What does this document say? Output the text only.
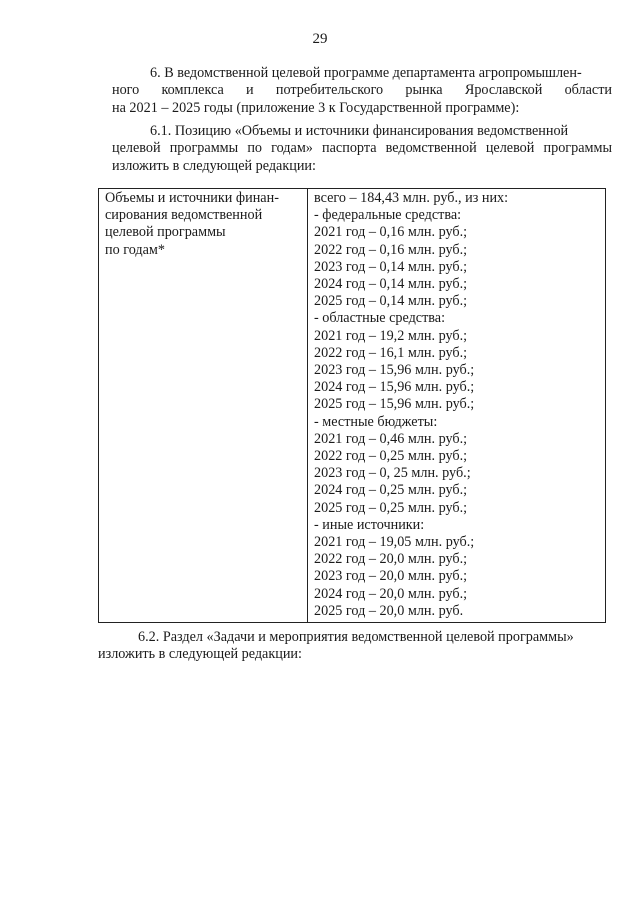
29
6. В ведомственной целевой программе департамента агропромышлен-
ного комплекса и потребительского рынка Ярославской области
на 2021 – 2025 годы (приложение 3 к Государственной программе):
6.1. Позицию «Объемы и источники финансирования ведомственной
целевой программы по годам» паспорта ведомственной целевой программы
изложить в следующей редакции:
Объемы и источники финан-
сирования ведомственной
целевой программы
по годам*

всего – 184,43 млн. руб., из них:
- федеральные средства:
2021 год – 0,16 млн. руб.;
2022 год – 0,16 млн. руб.;
2023 год – 0,14 млн. руб.;
2024 год – 0,14 млн. руб.;
2025 год – 0,14 млн. руб.;
- областные средства:
2021 год – 19,2 млн. руб.;
2022 год – 16,1 млн. руб.;
2023 год – 15,96 млн. руб.;
2024 год – 15,96 млн. руб.;
2025 год – 15,96 млн. руб.;
- местные бюджеты:
2021 год – 0,46 млн. руб.;
2022 год – 0,25 млн. руб.;
2023 год – 0, 25 млн. руб.;
2024 год – 0,25 млн. руб.;
2025 год – 0,25 млн. руб.;
- иные источники:
2021 год – 19,05 млн. руб.;
2022 год – 20,0 млн. руб.;
2023 год – 20,0 млн. руб.;
2024 год – 20,0 млн. руб.;
2025 год – 20,0 млн. руб.
6.2. Раздел «Задачи и мероприятия ведомственной целевой программы»
изложить в следующей редакции:
